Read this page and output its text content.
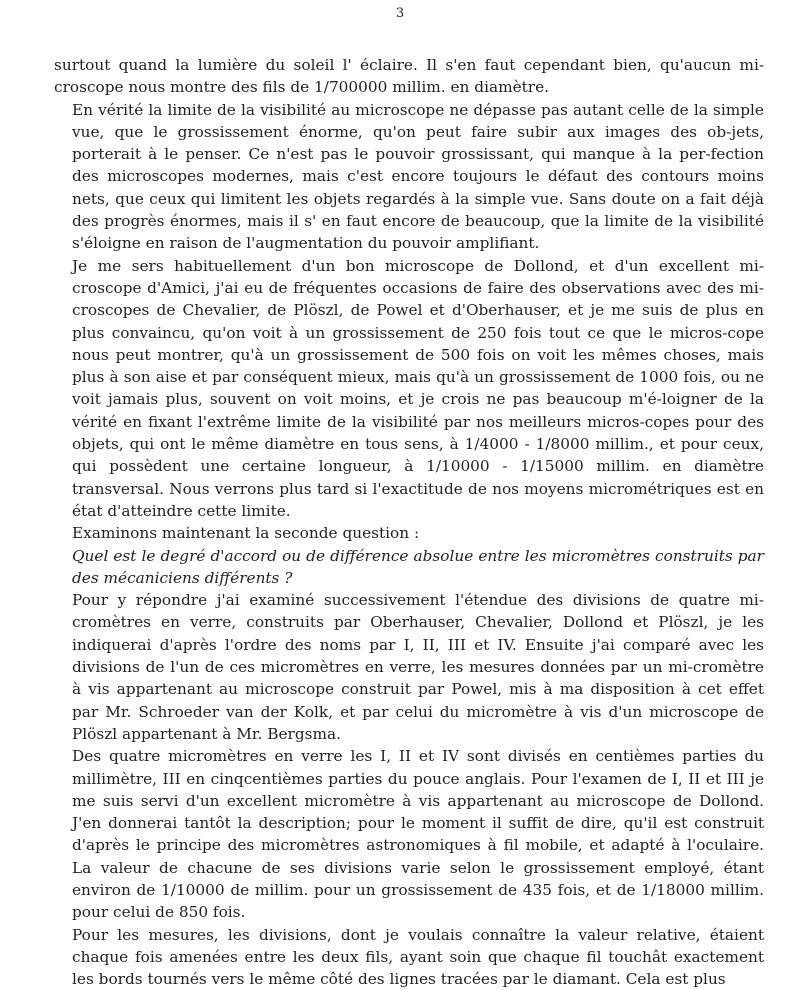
3

surtout quand la lumière du soleil l' éclaire. Il s'en faut cependant bien, qu'aucun mi-croscope nous montre des fils de 1/700000 millim. en diamètre.

En vérité la limite de la visibilité au microscope ne dépasse pas autant celle de la simple vue, que le grossissement énorme, qu'on peut faire subir aux images des ob-jets, porterait à le penser. Ce n'est pas le pouvoir grossissant, qui manque à la per-fection des microscopes modernes, mais c'est encore toujours le défaut des contours moins nets, que ceux qui limitent les objets regardés à la simple vue. Sans doute on a fait déjà des progrès énormes, mais il s' en faut encore de beaucoup, que la limite de la visibilité s'éloigne en raison de l'augmentation du pouvoir amplifiant.

Je me sers habituellement d'un bon microscope de Dollond, et d'un excellent mi-croscope d'Amici, j'ai eu de fréquentes occasions de faire des observations avec des mi-croscopes de Chevalier, de Plöszl, de Powel et d'Oberhauser, et je me suis de plus en plus convaincu, qu'on voit à un grossissement de 250 fois tout ce que le micros-cope nous peut montrer, qu'à un grossissement de 500 fois on voit les mêmes choses, mais plus à son aise et par conséquent mieux, mais qu'à un grossissement de 1000 fois, ou ne voit jamais plus, souvent on voit moins, et je crois ne pas beaucoup m'é-loigner de la vérité en fixant l'extrême limite de la visibilité par nos meilleurs micros-copes pour des objets, qui ont le même diamètre en tous sens, à 1/4000 - 1/8000 millim., et pour ceux, qui possèdent une certaine longueur, à 1/10000 - 1/15000 millim. en diamètre transversal. Nous verrons plus tard si l'exactitude de nos moyens micrométriques est en état d'atteindre cette limite.

Examinons maintenant la seconde question :

Quel est le degré d'accord ou de différence absolue entre les micromètres construits par des mécaniciens différents ?

Pour y répondre j'ai examiné successivement l'étendue des divisions de quatre mi-cromètres en verre, construits par Oberhauser, Chevalier, Dollond et Plöszl, je les indiquerai d'après l'ordre des noms par I, II, III et IV. Ensuite j'ai comparé avec les divisions de l'un de ces micromètres en verre, les mesures données par un mi-cromètre à vis appartenant au microscope construit par Powel, mis à ma disposition à cet effet par Mr. Schroeder van der Kolk, et par celui du micromètre à vis d'un microscope de Plöszl appartenant à Mr. Bergsma.

Des quatre micromètres en verre les I, II et IV sont divisés en centièmes parties du millimètre, III en cinqcentièmes parties du pouce anglais. Pour l'examen de I, II et III je me suis servi d'un excellent micromètre à vis appartenant au microscope de Dollond. J'en donnerai tantôt la description; pour le moment il suffit de dire, qu'il est construit d'après le principe des micromètres astronomiques à fil mobile, et adapté à l'oculaire. La valeur de chacune de ses divisions varie selon le grossissement employé, étant environ de 1/10000 de millim. pour un grossissement de 435 fois, et de 1/18000 millim. pour celui de 850 fois.

Pour les mesures, les divisions, dont je voulais connaître la valeur relative, étaient chaque fois amenées entre les deux fils, ayant soin que chaque fil touchât exactement les bords tournés vers le même côté des lignes tracées par le diamant. Cela est plus
